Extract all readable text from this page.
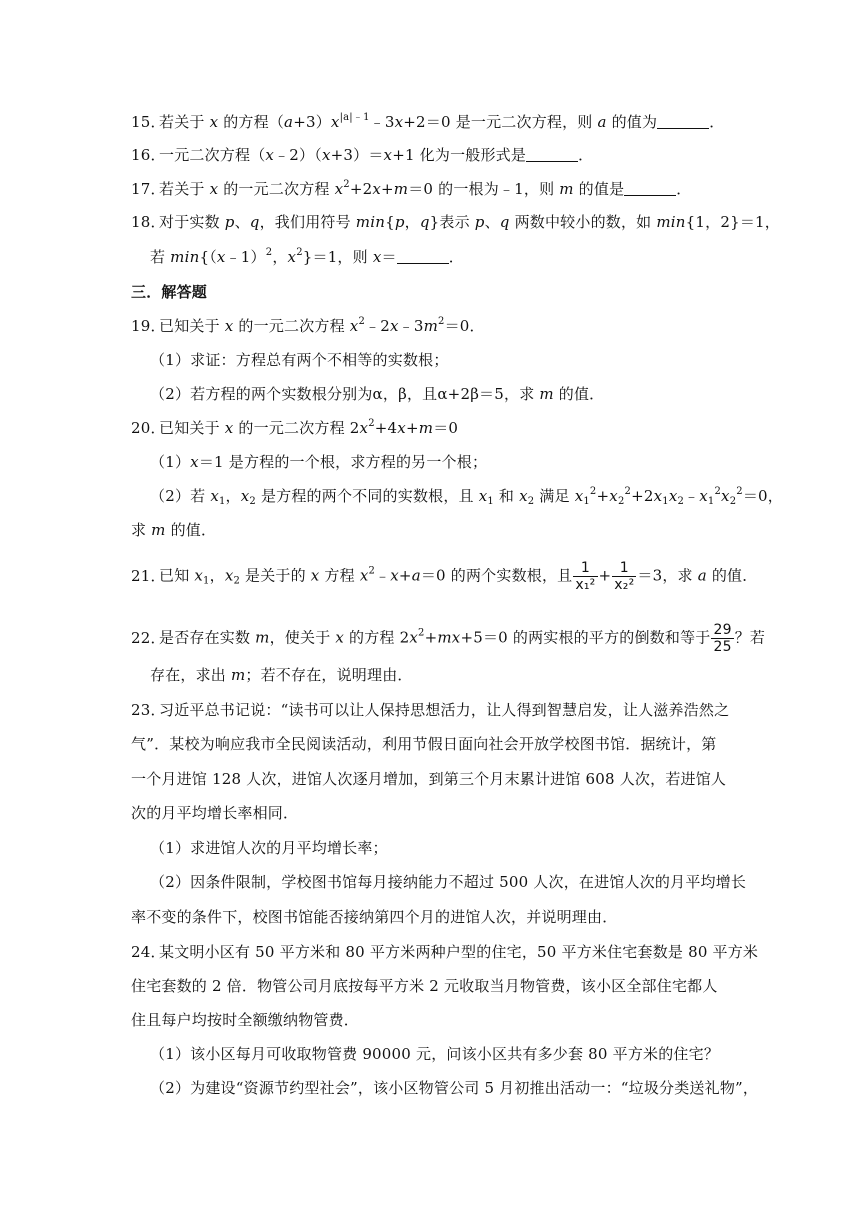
15．若关于 x 的方程$(a+3)x^{|a|﹣1}﹣3x+2=0$ 是一元二次方程，则 a 的值为	．
16．一元二次方程（x﹣2）（x+3）＝x+1 化为一般形式是	．
17．若关于 x 的一元二次方程 $x^2+2x+m=0$ 的一根为﹣1，则 m 的值是	．
18．对于实数 p、q，我们用符号 min{p，q}表示 p、q 两数中较小的数，如 min{1，2}＝1，
若 min{（x﹣1）$^2$，$x^2\}=1$，则 x＝	．
三．解答题
19．已知关于 x 的一元二次方程 $x^2﹣2x﹣3m^2=0$．
（1）求证：方程总有两个不相等的实数根；
（2）若方程的两个实数根分别为α，β，且α+2β＝5，求 m 的值．
20．已知关于 x 的一元二次方程 $2x^2+4x+m=0$
（1）x＝1 是方程的一个根，求方程的另一个根；
（2）若 $x_1$，$x_2$ 是方程的两个不同的实数根，且 $x_1$ 和 $x_2$ 满足 $x_1^2+x_2^2+2x_1x_2﹣x_1^2x_2^2=0$，
求 m 的值．
21．已知 $x_1$，$x_2$ 是关于的 x 方程 $x^2﹣x+a=0$ 的两个实数根，且 $\frac{1}{\text{x₁²}} + \frac{1}{\text{x₂²}} =3$，求 a 的值．
22．是否存在实数 m，使关于 x 的方程 $2x^2+mx+5=0$ 的两实根的平方的倒数和等于 $\frac{29}{25}$ ？若
存在，求出 m；若不存在，说明理由．
23．习近平总书记说：“读书可以让人保持思想活力，让人得到智慧启发，让人滋养浩然之
气”．某校为响应我市全民阅读活动，利用节假日面向社会开放学校图书馆．据统计，第
一个月进馆 128 人次，进馆人次逐月增加，到第三个月末累计进馆 608 人次，若进馆人
次的月平均增长率相同．
（1）求进馆人次的月平均增长率；
（2）因条件限制，学校图书馆每月接纳能力不超过 500 人次，在进馆人次的月平均增长
率不变的条件下，校图书馆能否接纳第四个月的进馆人次，并说明理由．
24．某文明小区有 50 平方米和 80 平方米两种户型的住宅，50 平方米住宅套数是 80 平方米
住宅套数的 2 倍．物管公司月底按每平方米 2 元收取当月物管费，该小区全部住宅都人
住且每户均按时全额缴纳物管费．
（1）该小区每月可收取物管费 90000 元，问该小区共有多少套 80 平方米的住宅？
（2）为建设“资源节约型社会”，该小区物管公司 5 月初推出活动一：“垃圾分类送礼物”，
